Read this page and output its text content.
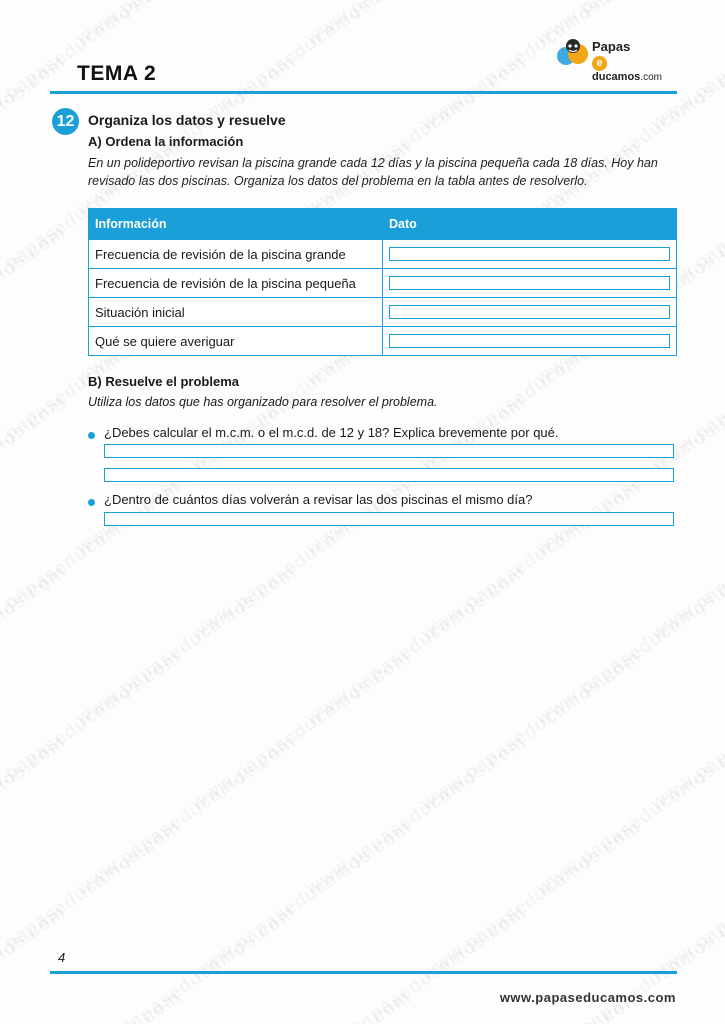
Papas
educamos.com
TEMA 2
12 Organiza los datos y resuelve
A) Ordena la información
En un polideportivo revisan la piscina grande cada 12 días y la piscina pequeña cada 18 días. Hoy han revisado las dos piscinas. Organiza los datos del problema en la tabla antes de resolverlo.
Información	Dato
Frecuencia de revisión de la piscina grande	

Frecuencia de revisión de la piscina pequeña	

Situación inicial	

Qué se quiere averiguar	
B) Resuelve el problema
Utiliza los datos que has organizado para resolver el problema.
¿Debes calcular el m.c.m. o el m.c.d. de 12 y 18? Explica brevemente por qué.
¿Dentro de cuántos días volverán a revisar las dos piscinas el mismo día?
4
www.papaseducamos.com
